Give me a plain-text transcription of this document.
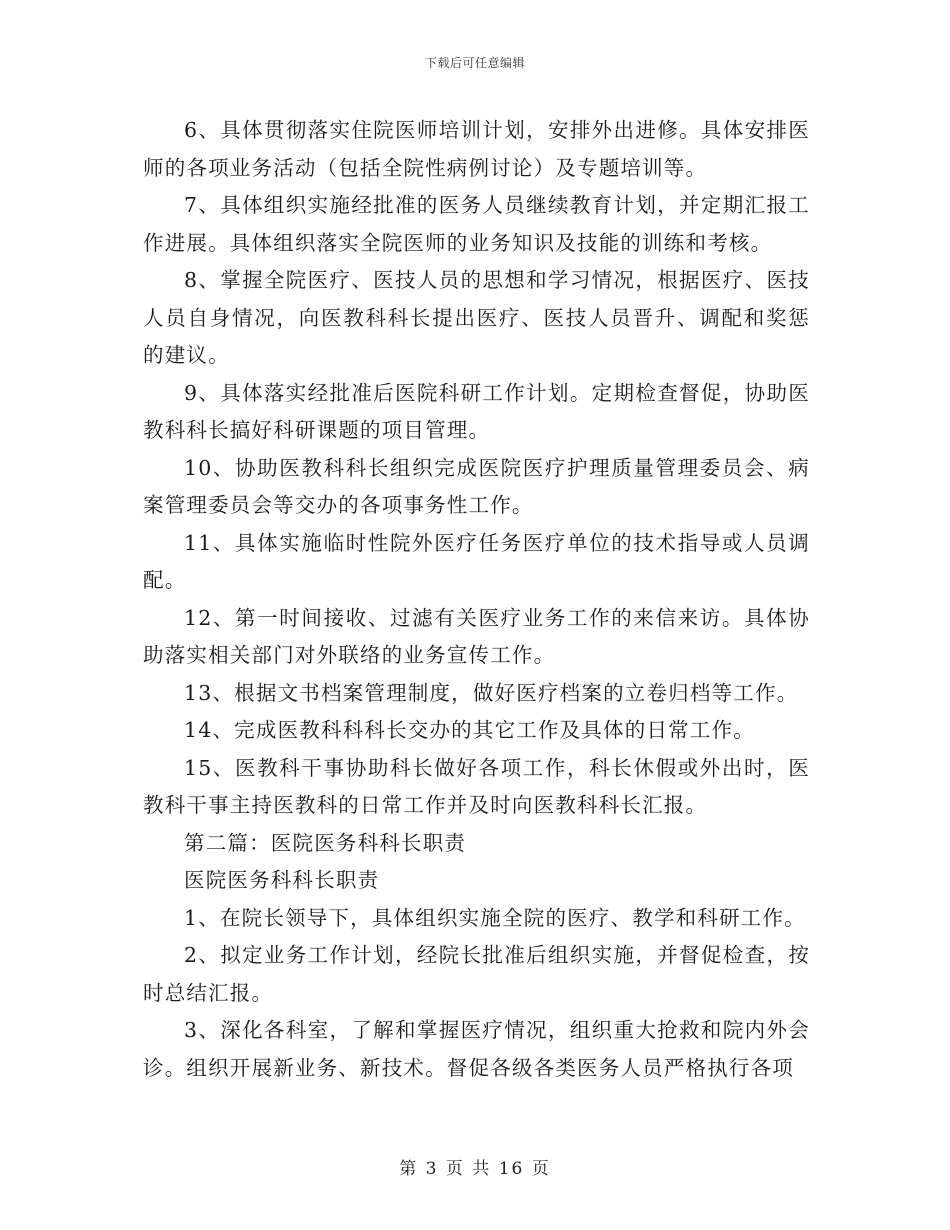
下载后可任意编辑

6、具体贯彻落实住院医师培训计划，安排外出进修。具体安排医师的各项业务活动（包括全院性病例讨论）及专题培训等。

7、具体组织实施经批准的医务人员继续教育计划，并定期汇报工作进展。具体组织落实全院医师的业务知识及技能的训练和考核。

8、掌握全院医疗、医技人员的思想和学习情况，根据医疗、医技人员自身情况，向医教科科长提出医疗、医技人员晋升、调配和奖惩的建议。

9、具体落实经批准后医院科研工作计划。定期检查督促，协助医教科科长搞好科研课题的项目管理。

10、协助医教科科长组织完成医院医疗护理质量管理委员会、病案管理委员会等交办的各项事务性工作。

11、具体实施临时性院外医疗任务医疗单位的技术指导或人员调配。

12、第一时间接收、过滤有关医疗业务工作的来信来访。具体协助落实相关部门对外联络的业务宣传工作。

13、根据文书档案管理制度，做好医疗档案的立卷归档等工作。

14、完成医教科科科长交办的其它工作及具体的日常工作。

15、医教科干事协助科长做好各项工作，科长休假或外出时，医教科干事主持医教科的日常工作并及时向医教科科长汇报。

第二篇：医院医务科科长职责

医院医务科科长职责

1、在院长领导下，具体组织实施全院的医疗、教学和科研工作。

2、拟定业务工作计划，经院长批准后组织实施，并督促检查，按时总结汇报。

3、深化各科室，了解和掌握医疗情况，组织重大抢救和院内外会诊。组织开展新业务、新技术。督促各级各类医务人员严格执行各项

第 3 页 共 16 页
